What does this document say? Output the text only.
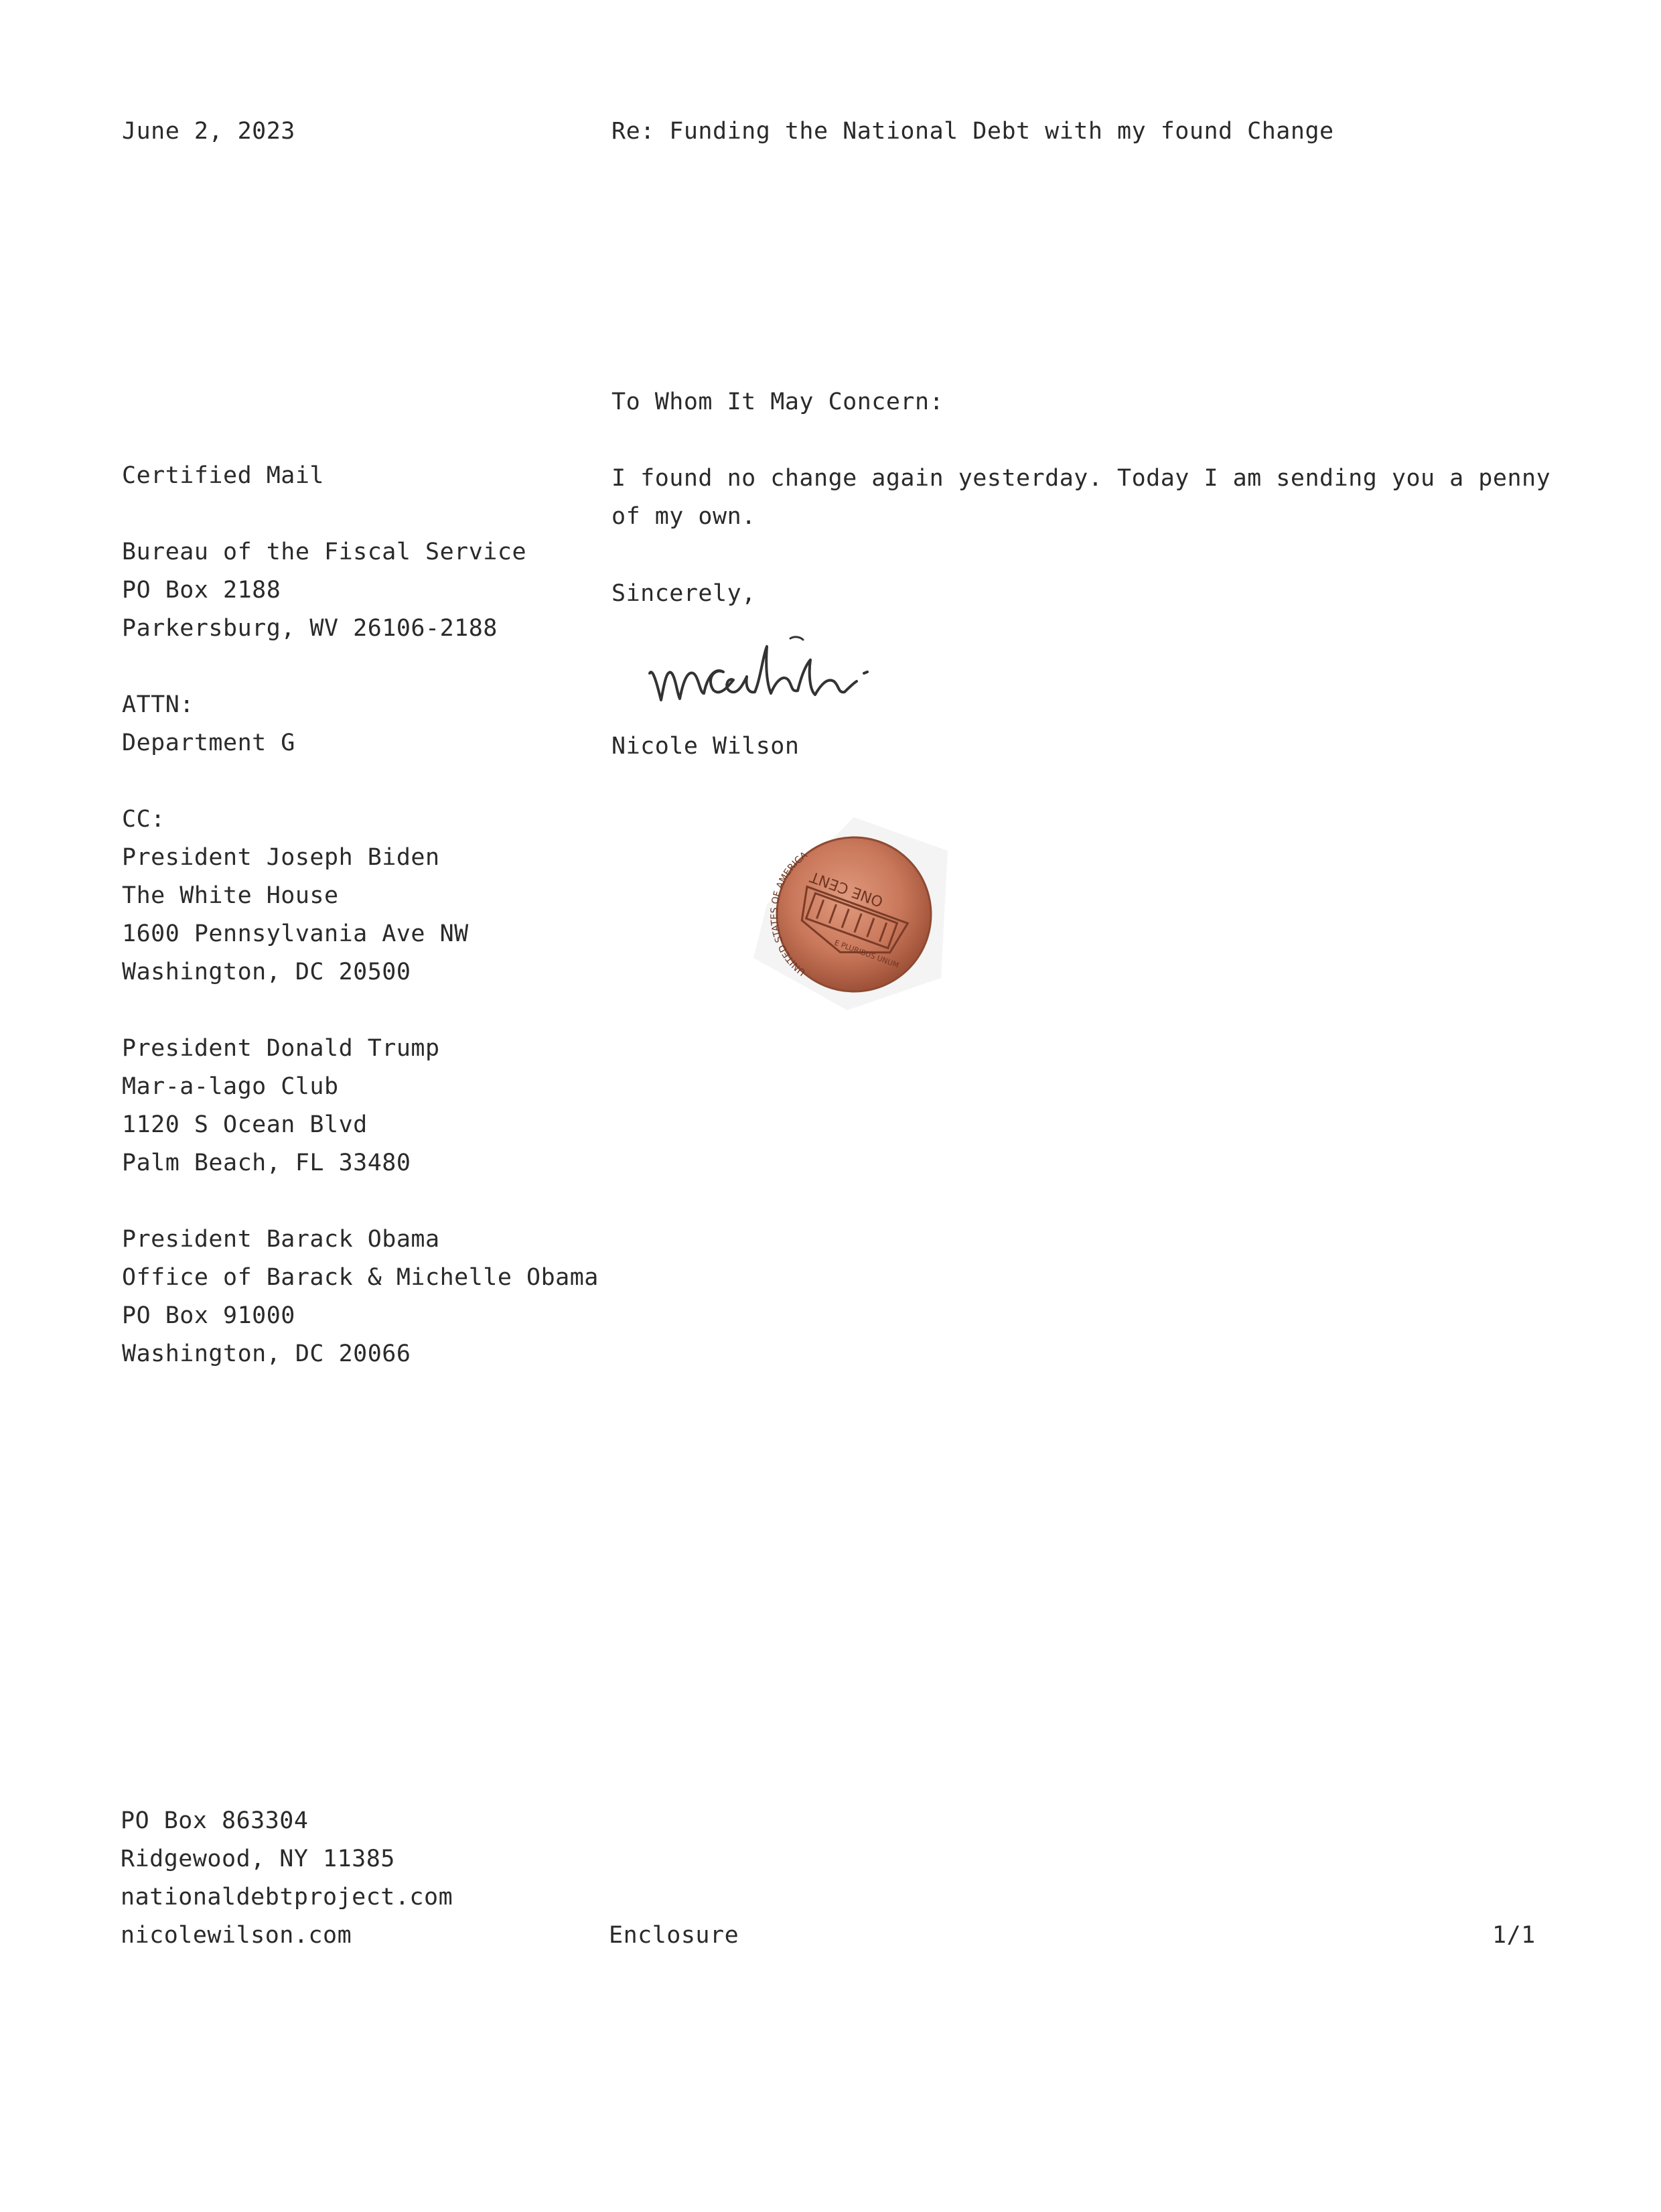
June 2, 2023	Re: Funding the National Debt with my found Change
To Whom It May Concern:
I found no change again yesterday. Today I am sending you a penny
of my own.
Sincerely,
Nicole Wilson
ONE CENT
UNITED STATES OF AMERICA
E PLURIBUS UNUM
Certified Mail
Bureau of the Fiscal Service
PO Box 2188
Parkersburg, WV 26106-2188
ATTN:
Department G
CC:
President Joseph Biden
The White House
1600 Pennsylvania Ave NW
Washington, DC 20500
President Donald Trump
Mar-a-lago Club
1120 S Ocean Blvd
Palm Beach, FL 33480
President Barack Obama
Office of Barack & Michelle Obama
PO Box 91000
Washington, DC 20066
PO Box 863304
Ridgewood, NY 11385
nationaldebtproject.com
nicolewilson.com	Enclosure	1/1
